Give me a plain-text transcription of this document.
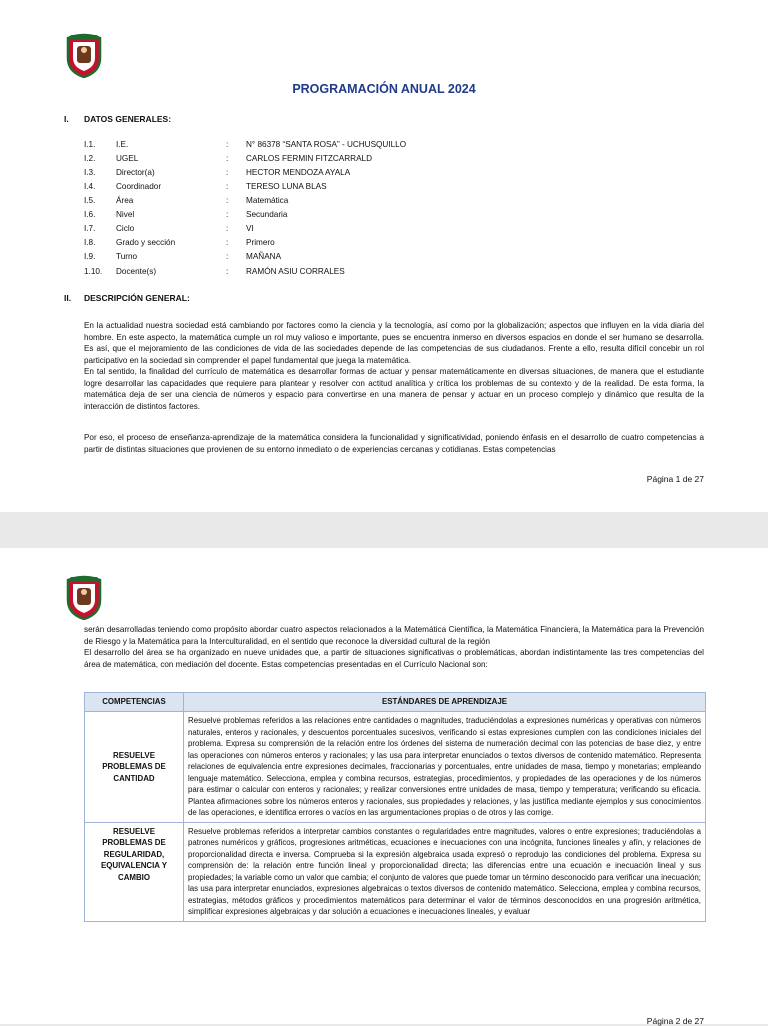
PROGRAMACIÓN ANUAL 2024
I. DATOS GENERALES:
I.1.	I.E.	: N° 86378 “SANTA ROSA” - UCHUSQUILLO
I.2.	UGEL	: CARLOS FERMIN FITZCARRALD
I.3.	Director(a)	: HECTOR MENDOZA AYALA
I.4.	Coordinador	: TERESO LUNA BLAS
I.5.	Área	: Matemática
I.6.	Nivel	: Secundaria
I.7.	Ciclo	: VI
I.8.	Grado y sección	: Primero
I.9.	Turno	: MAÑANA
1.10. Docente(s)	: RAMÓN ASIU CORRALES
II. DESCRIPCIÓN GENERAL:

En la actualidad nuestra sociedad está cambiando por factores como la ciencia y la tecnología, así como por la globalización; aspectos que influyen en la vida diaria del hombre. En este aspecto, la matemática cumple un rol muy valioso e importante, pues se encuentra inmerso en diversos espacios en donde el ser humano se desarrolla. Es así, que el mejoramiento de las condiciones de vida de las sociedades depende de las competencias de sus ciudadanos. Frente a ello, resulta difícil concebir un rol participativo en la sociedad sin comprender el papel fundamental que juega la matemática.

En tal sentido, la finalidad del currículo de matemática es desarrollar formas de actuar y pensar matemáticamente en diversas situaciones, de manera que el estudiante logre desarrollar las capacidades que requiere para plantear y resolver con actitud analítica y crítica los problemas de su contexto y de la realidad. De esta forma, la matemática deja de ser una ciencia de números y espacio para convertirse en una manera de pensar y actuar en un proceso complejo y dinámico que resulta de la interacción de distintos factores.

Por eso, el proceso de enseñanza-aprendizaje de la matemática considera la funcionalidad y significatividad, poniendo énfasis en el desarrollo de cuatro competencias a partir de distintas situaciones que provienen de su entorno inmediato o de experiencias cercanas y cotidianas. Estas competencias

Página 1 de 27

serán desarrolladas teniendo como propósito abordar cuatro aspectos relacionados a la Matemática Científica, la Matemática Financiera, la Matemática para la Prevención de Riesgo y la Matemática para la Interculturalidad, en el sentido que reconoce la diversidad cultural de la región

El desarrollo del área se ha organizado en nueve unidades que, a partir de situaciones significativas o problemáticas, abordan indistintamente las tres competencias del área de matemática, con mediación del docente. Estas competencias presentadas en el Currículo Nacional son:

COMPETENCIAS	ESTÁNDARES DE APRENDIZAJE
RESUELVE PROBLEMAS DE CANTIDAD	Resuelve problemas referidos a las relaciones entre cantidades o magnitudes, traduciéndolas a expresiones numéricas y operativas con números naturales, enteros y racionales, y descuentos porcentuales sucesivos, verificando si estas expresiones cumplen con las condiciones iniciales del problema. Expresa su comprensión de la relación entre los órdenes del sistema de numeración decimal con las potencias de base diez, y entre las operaciones con números enteros y racionales; y las usa para interpretar enunciados o textos diversos de contenido matemático. Representa relaciones de equivalencia entre expresiones decimales, fraccionarias y porcentuales, entre unidades de masa, tiempo y monetarias; empleando lenguaje matemático. Selecciona, emplea y combina recursos, estrategias, procedimientos, y propiedades de las operaciones y de los números para estimar o calcular con enteros y racionales; y realizar conversiones entre unidades de masa, tiempo y temperatura; verificando su eficacia. Plantea afirmaciones sobre los números enteros y racionales, sus propiedades y relaciones, y las justifica mediante ejemplos y sus conocimientos de las operaciones, e identifica errores o vacíos en las argumentaciones propias o de otros y las corrige.
RESUELVE PROBLEMAS DE REGULARIDAD, EQUIVALENCIA Y CAMBIO	Resuelve problemas referidos a interpretar cambios constantes o regularidades entre magnitudes, valores o entre expresiones; traduciéndolas a patrones numéricos y gráficos, progresiones aritméticas, ecuaciones e inecuaciones con una incógnita, funciones lineales y afín, y relaciones de proporcionalidad directa e inversa. Comprueba si la expresión algebraica usada expresó o reprodujo las condiciones del problema. Expresa su comprensión de: la relación entre función lineal y proporcionalidad directa; las diferencias entre una ecuación e inecuación lineal y sus propiedades; la variable como un valor que cambia; el conjunto de valores que puede tomar un término desconocido para verificar una inecuación; las usa para interpretar enunciados, expresiones algebraicas o textos diversos de contenido matemático. Selecciona, emplea y combina recursos, estrategias, métodos gráficos y procedimientos matemáticos para determinar el valor de términos desconocidos en una progresión aritmética, simplificar expresiones algebraicas y dar solución a ecuaciones e inecuaciones lineales, y evaluar
Página 2 de 27
